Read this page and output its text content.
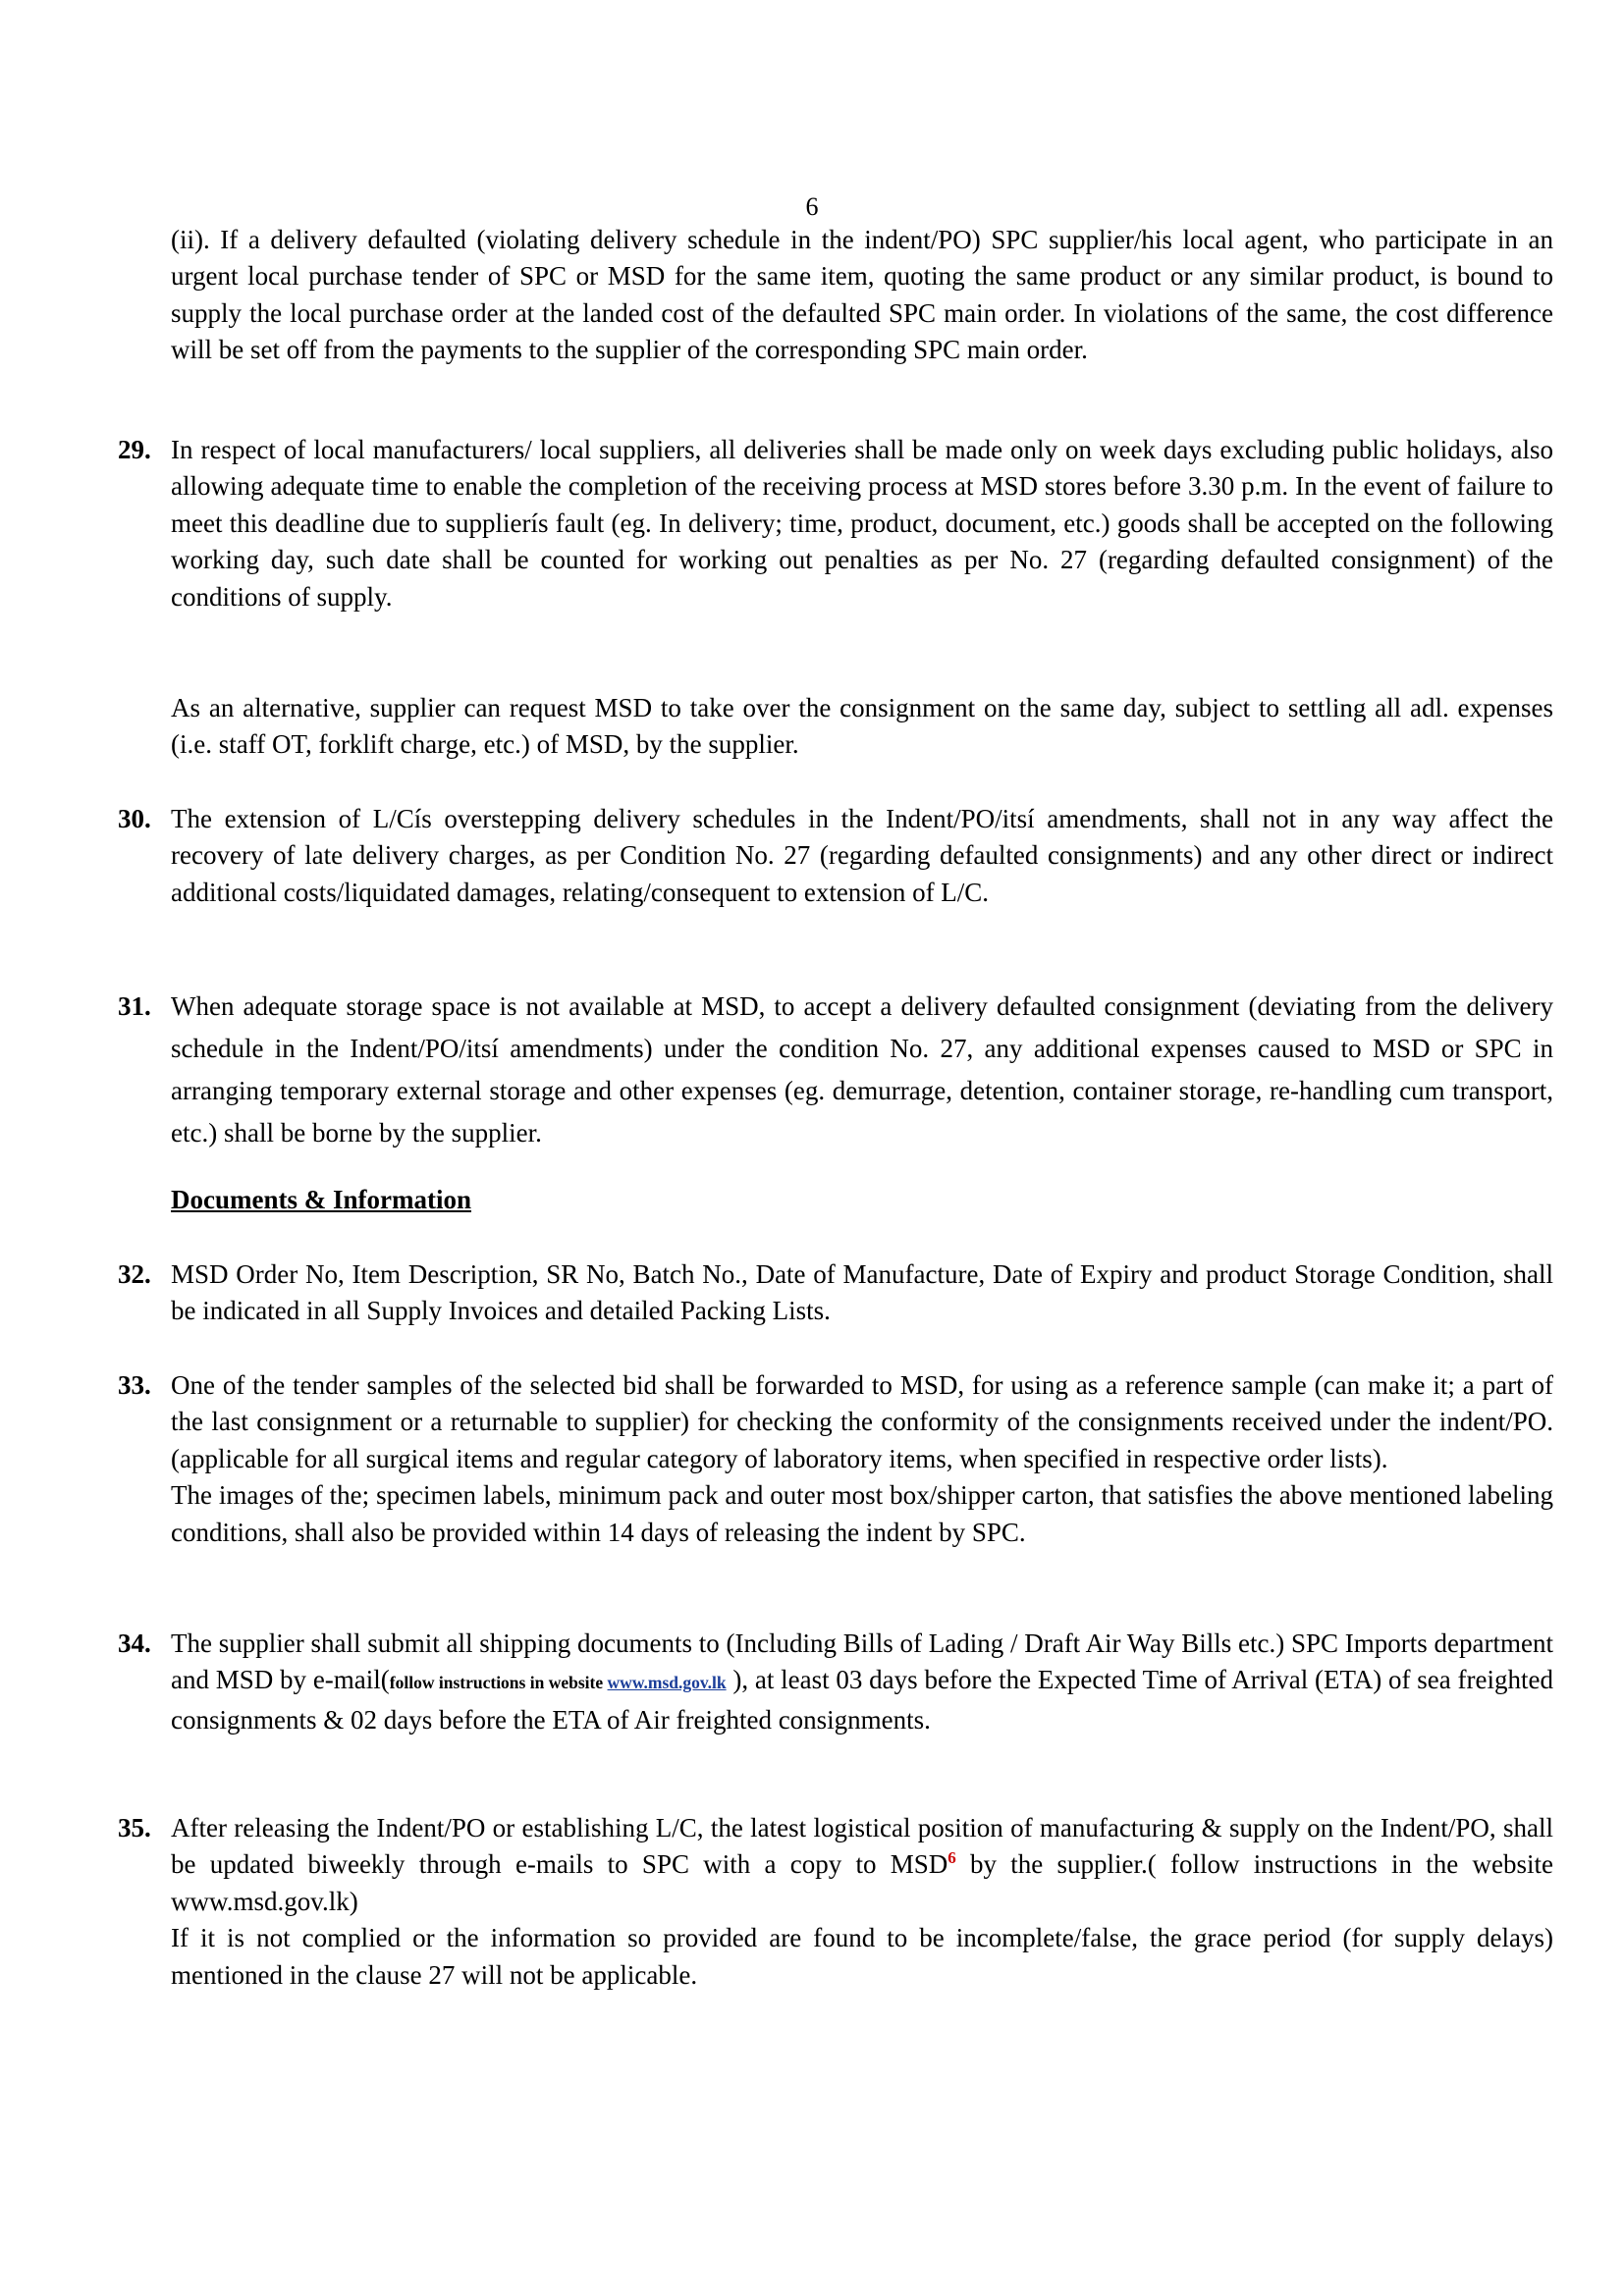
6
(ii). If a delivery defaulted (violating delivery schedule in the indent/PO) SPC supplier/his local agent, who participate in an urgent local purchase tender of SPC or MSD for the same item, quoting the same product or any similar product, is bound to supply the local purchase order at the landed cost of the defaulted SPC main order. In violations of the same, the cost difference will be set off from the payments to the supplier of the corresponding SPC main order.
29. In respect of local manufacturers/ local suppliers, all deliveries shall be made only on week days excluding public holidays, also allowing adequate time to enable the completion of the receiving process at MSD stores before 3.30 p.m. In the event of failure to meet this deadline due to supplierís fault (eg. In delivery; time, product, document, etc.) goods shall be accepted on the following working day, such date shall be counted for working out penalties as per No. 27 (regarding defaulted consignment) of the conditions of supply.
As an alternative, supplier can request MSD to take over the consignment on the same day, subject to settling all adl. expenses (i.e. staff OT, forklift charge, etc.) of MSD, by the supplier.
30. The extension of L/Cís overstepping delivery schedules in the Indent/PO/itsí amendments, shall not in any way affect the recovery of late delivery charges, as per Condition No. 27 (regarding defaulted consignments) and any other direct or indirect additional costs/liquidated damages, relating/consequent to extension of L/C.
31. When adequate storage space is not available at MSD, to accept a delivery defaulted consignment (deviating from the delivery schedule in the Indent/PO/itsí amendments) under the condition No. 27, any additional expenses caused to MSD or SPC in arranging temporary external storage and other expenses (eg. demurrage, detention, container storage, re-handling cum transport, etc.) shall be borne by the supplier.
Documents & Information
32. MSD Order No, Item Description, SR No, Batch No., Date of Manufacture, Date of Expiry and product Storage Condition, shall be indicated in all Supply Invoices and detailed Packing Lists.
33. One of the tender samples of the selected bid shall be forwarded to MSD, for using as a reference sample (can make it; a part of the last consignment or a returnable to supplier) for checking the conformity of the consignments received under the indent/PO.(applicable for all surgical items and regular category of laboratory items, when specified in respective order lists).
The images of the; specimen labels, minimum pack and outer most box/shipper carton, that satisfies the above mentioned labeling conditions, shall also be provided within 14 days of releasing the indent by SPC.
34. The supplier shall submit all shipping documents to (Including Bills of Lading / Draft Air Way Bills etc.) SPC Imports department and MSD by e-mail(follow instructions in website www.msd.gov.lk ), at least 03 days before the Expected Time of Arrival (ETA) of sea freighted consignments & 02 days before the ETA of Air freighted consignments.
35. After releasing the Indent/PO or establishing L/C, the latest logistical position of manufacturing & supply on the Indent/PO, shall be updated biweekly through e-mails to SPC with a copy to MSD$^6$ by the supplier.( follow instructions in the website www.msd.gov.lk)
If it is not complied or the information so provided are found to be incomplete/false, the grace period (for supply delays) mentioned in the clause 27 will not be applicable.
